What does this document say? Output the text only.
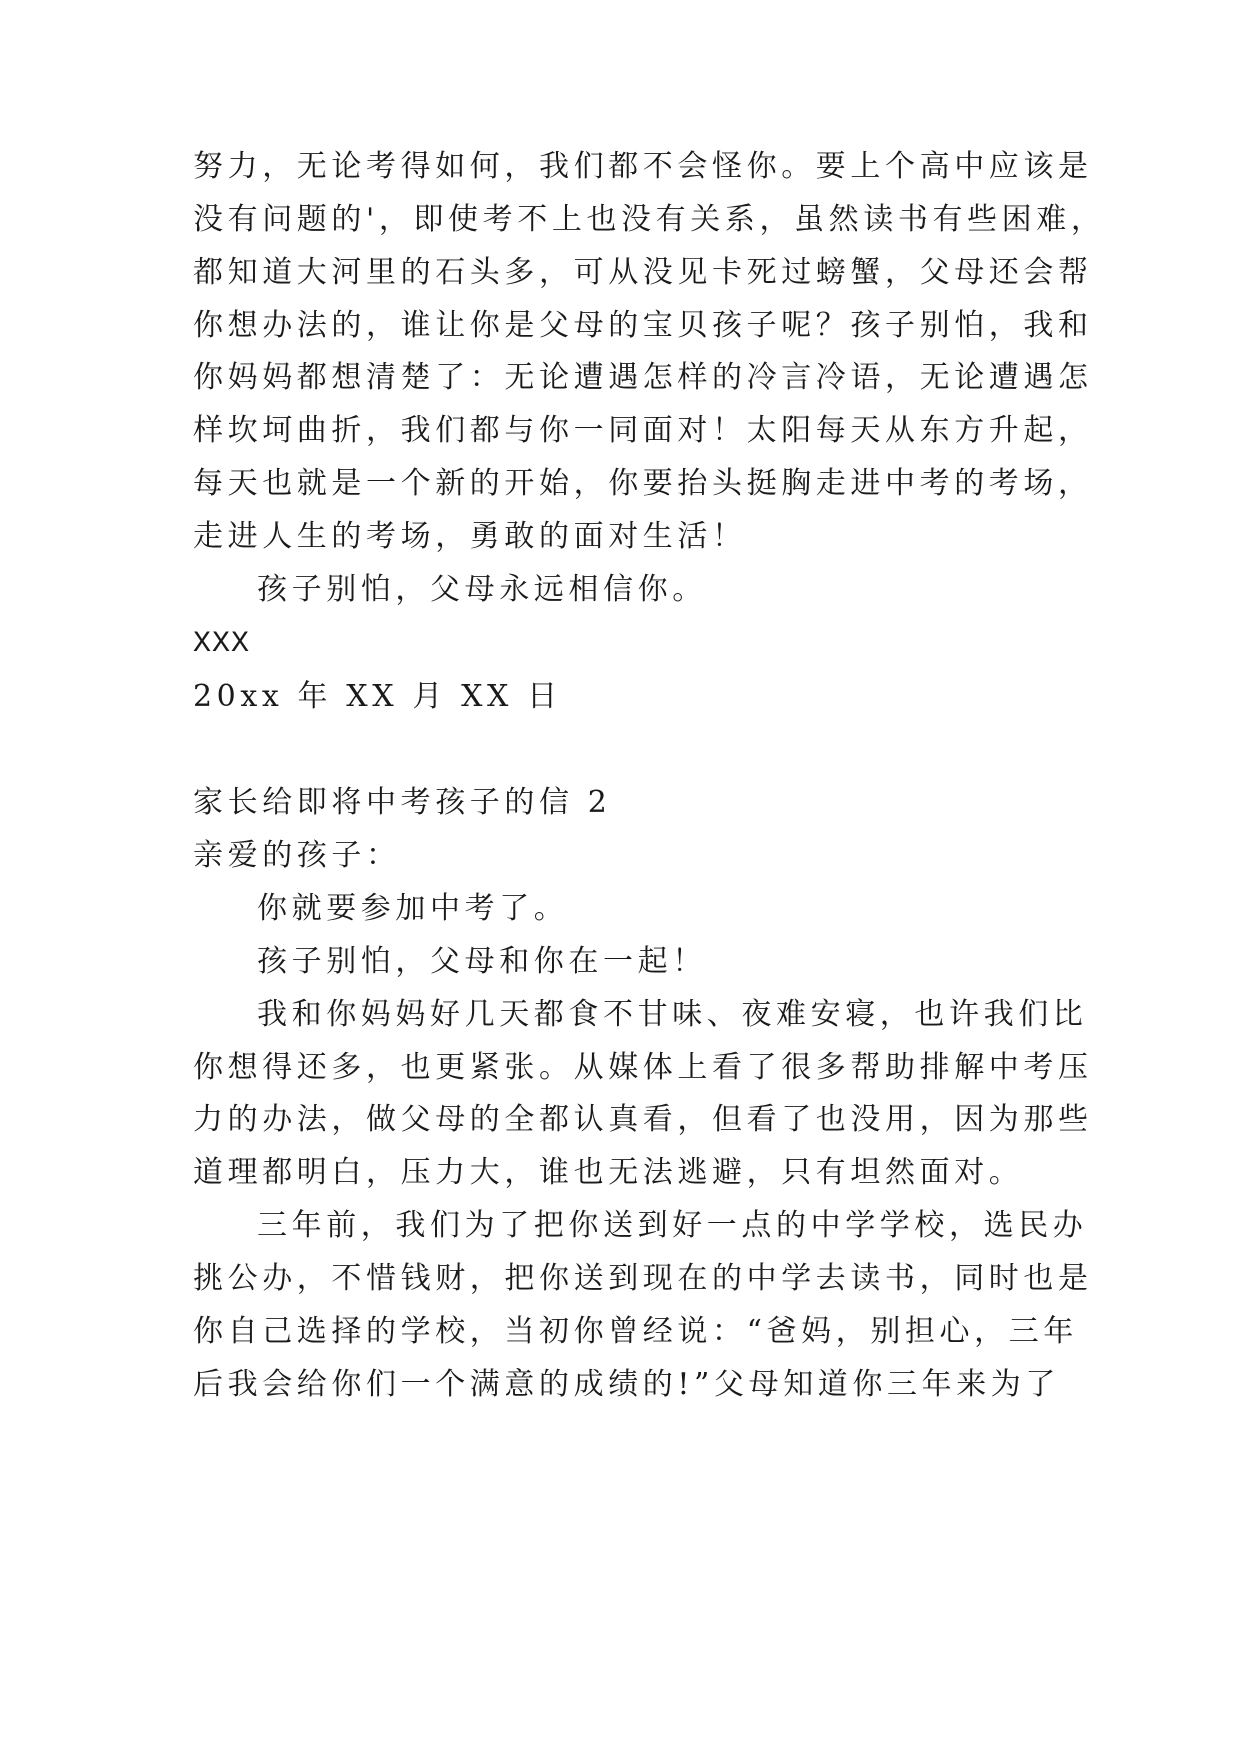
努力，无论考得如何，我们都不会怪你。要上个高中应该是
没有问题的'，即使考不上也没有关系，虽然读书有些困难，
都知道大河里的石头多，可从没见卡死过螃蟹，父母还会帮
你想办法的，谁让你是父母的宝贝孩子呢？孩子别怕，我和
你妈妈都想清楚了：无论遭遇怎样的冷言冷语，无论遭遇怎
样坎坷曲折，我们都与你一同面对！太阳每天从东方升起，
每天也就是一个新的开始，你要抬头挺胸走进中考的考场，
走进人生的考场，勇敢的面对生活！
孩子别怕，父母永远相信你。
XXX
20xx 年 XX 月 XX 日
家长给即将中考孩子的信 2
亲爱的孩子：
你就要参加中考了。
孩子别怕，父母和你在一起！
我和你妈妈好几天都食不甘味、夜难安寝，也许我们比
你想得还多，也更紧张。从媒体上看了很多帮助排解中考压
力的办法，做父母的全都认真看，但看了也没用，因为那些
道理都明白，压力大，谁也无法逃避，只有坦然面对。
三年前，我们为了把你送到好一点的中学学校，选民办
挑公办，不惜钱财，把你送到现在的中学去读书，同时也是
你自己选择的学校，当初你曾经说：“爸妈，别担心，三年
后我会给你们一个满意的成绩的!”父母知道你三年来为了
